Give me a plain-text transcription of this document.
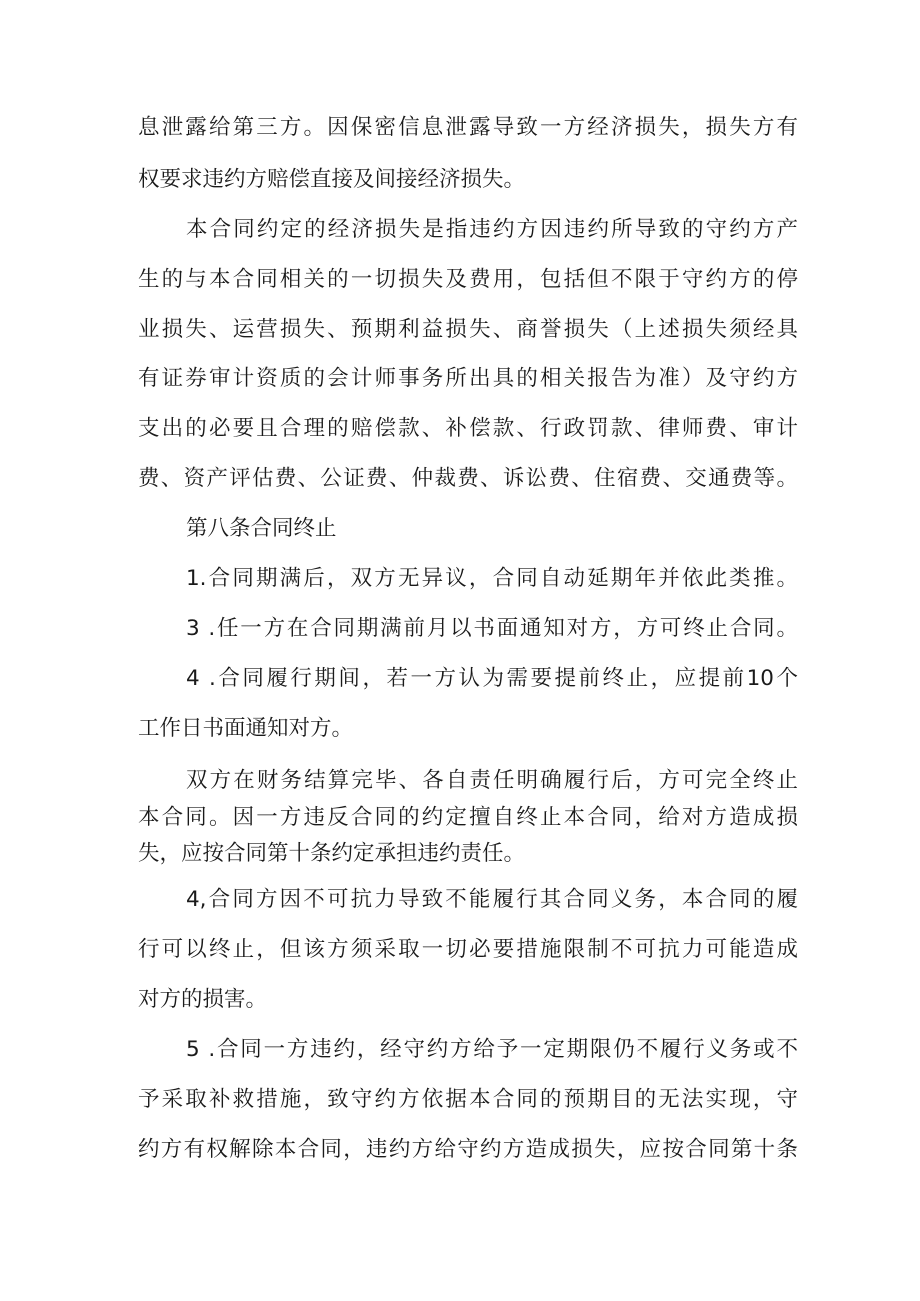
息泄露给第三方。因保密信息泄露导致一方经济损失，损失方有

权要求违约方赔偿直接及间接经济损失。

本合同约定的经济损失是指违约方因违约所导致的守约方产

生的与本合同相关的一切损失及费用，包括但不限于守约方的停

业损失、运营损失、预期利益损失、商誉损失（上述损失须经具

有证券审计资质的会计师事务所出具的相关报告为准）及守约方

支出的必要且合理的赔偿款、补偿款、行政罚款、律师费、审计

费、资产评估费、公证费、仲裁费、诉讼费、住宿费、交通费等。

第八条合同终止

1.合同期满后，双方无异议，合同自动延期年并依此类推。

3 .任一方在合同期满前月以书面通知对方，方可终止合同。

4 .合同履行期间，若一方认为需要提前终止，应提前10个

工作日书面通知对方。

双方在财务结算完毕、各自责任明确履行后，方可完全终止

本合同。因一方违反合同的约定擅自终止本合同，给对方造成损

失，应按合同第十条约定承担违约责任。

4,合同方因不可抗力导致不能履行其合同义务，本合同的履

行可以终止，但该方须采取一切必要措施限制不可抗力可能造成

对方的损害。

5 .合同一方违约，经守约方给予一定期限仍不履行义务或不

予采取补救措施，致守约方依据本合同的预期目的无法实现，守

约方有权解除本合同，违约方给守约方造成损失，应按合同第十条
